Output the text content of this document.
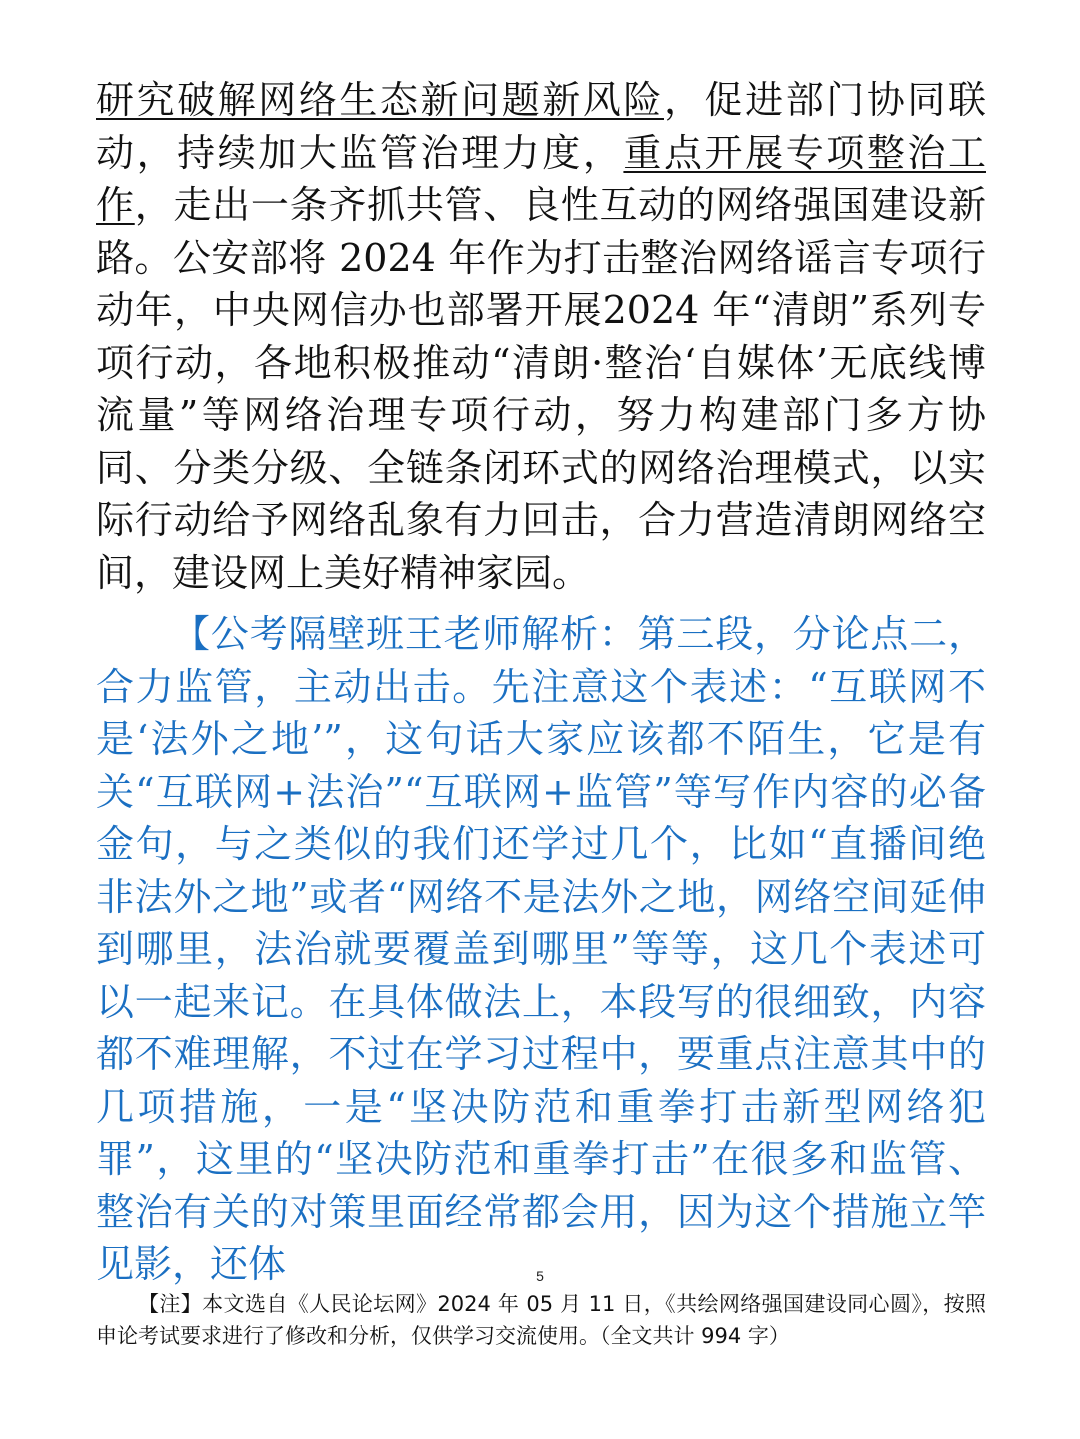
研究破解网络生态新问题新风险，促进部门协同联动，持续加大监管治理力度，重点开展专项整治工作，走出一条齐抓共管、良性互动的网络强国建设新路。公安部将 2024 年作为打击整治网络谣言专项行动年，中央网信办也部署开展2024 年“清朗”系列专项行动，各地积极推动“清朗·整治‘自媒体’无底线博流量”等网络治理专项行动，努力构建部门多方协同、分类分级、全链条闭环式的网络治理模式，以实际行动给予网络乱象有力回击，合力营造清朗网络空间，建设网上美好精神家园。

【公考隔壁班王老师解析：第三段，分论点二，合力监管，主动出击。先注意这个表述：“互联网不是‘法外之地’”，这句话大家应该都不陌生，它是有关“互联网+法治”“互联网+监管”等写作内容的必备金句，与之类似的我们还学过几个，比如“直播间绝非法外之地”或者“网络不是法外之地，网络空间延伸到哪里，法治就要覆盖到哪里”等等，这几个表述可以一起来记。在具体做法上，本段写的很细致，内容都不难理解，不过在学习过程中，要重点注意其中的几项措施，一是“坚决防范和重拳打击新型网络犯罪”，这里的“坚决防范和重拳打击”在很多和监管、整治有关的对策里面经常都会用，因为这个措施立竿见影，还体	5

【注】本文选自《人民论坛网》2024 年 05 月 11 日，《共绘网络强国建设同心圆》，按照申论考试要求进行了修改和分析，仅供学习交流使用。（全文共计 994 字）
